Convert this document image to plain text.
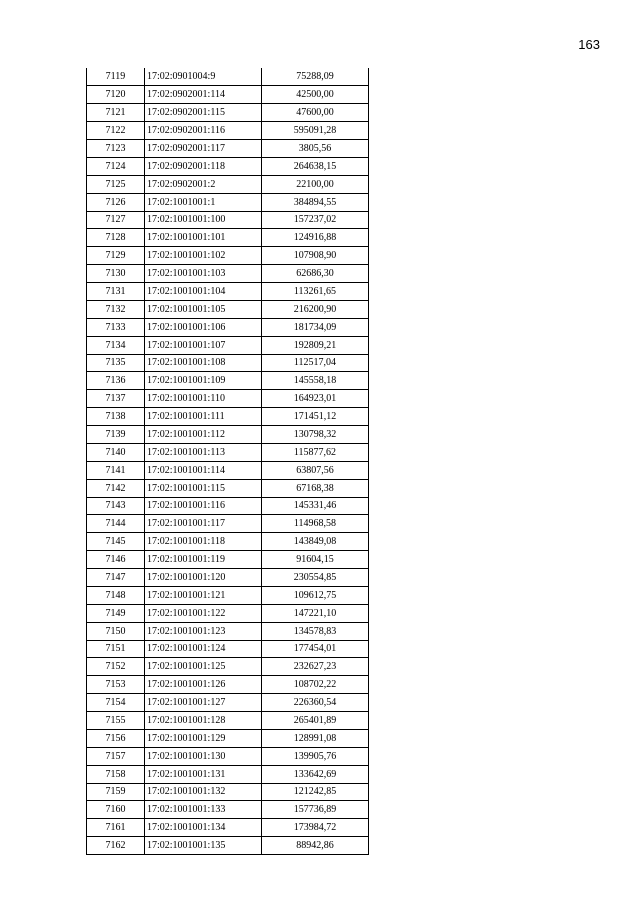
163
7119	17:02:0901004:9	75288,09
7120	17:02:0902001:114	42500,00
7121	17:02:0902001:115	47600,00
7122	17:02:0902001:116	595091,28
7123	17:02:0902001:117	3805,56
7124	17:02:0902001:118	264638,15
7125	17:02:0902001:2	22100,00
7126	17:02:1001001:1	384894,55
7127	17:02:1001001:100	157237,02
7128	17:02:1001001:101	124916,88
7129	17:02:1001001:102	107908,90
7130	17:02:1001001:103	62686,30
7131	17:02:1001001:104	113261,65
7132	17:02:1001001:105	216200,90
7133	17:02:1001001:106	181734,09
7134	17:02:1001001:107	192809,21
7135	17:02:1001001:108	112517,04
7136	17:02:1001001:109	145558,18
7137	17:02:1001001:110	164923,01
7138	17:02:1001001:111	171451,12
7139	17:02:1001001:112	130798,32
7140	17:02:1001001:113	115877,62
7141	17:02:1001001:114	63807,56
7142	17:02:1001001:115	67168,38
7143	17:02:1001001:116	145331,46
7144	17:02:1001001:117	114968,58
7145	17:02:1001001:118	143849,08
7146	17:02:1001001:119	91604,15
7147	17:02:1001001:120	230554,85
7148	17:02:1001001:121	109612,75
7149	17:02:1001001:122	147221,10
7150	17:02:1001001:123	134578,83
7151	17:02:1001001:124	177454,01
7152	17:02:1001001:125	232627,23
7153	17:02:1001001:126	108702,22
7154	17:02:1001001:127	226360,54
7155	17:02:1001001:128	265401,89
7156	17:02:1001001:129	128991,08
7157	17:02:1001001:130	139905,76
7158	17:02:1001001:131	133642,69
7159	17:02:1001001:132	121242,85
7160	17:02:1001001:133	157736,89
7161	17:02:1001001:134	173984,72
7162	17:02:1001001:135	88942,86
